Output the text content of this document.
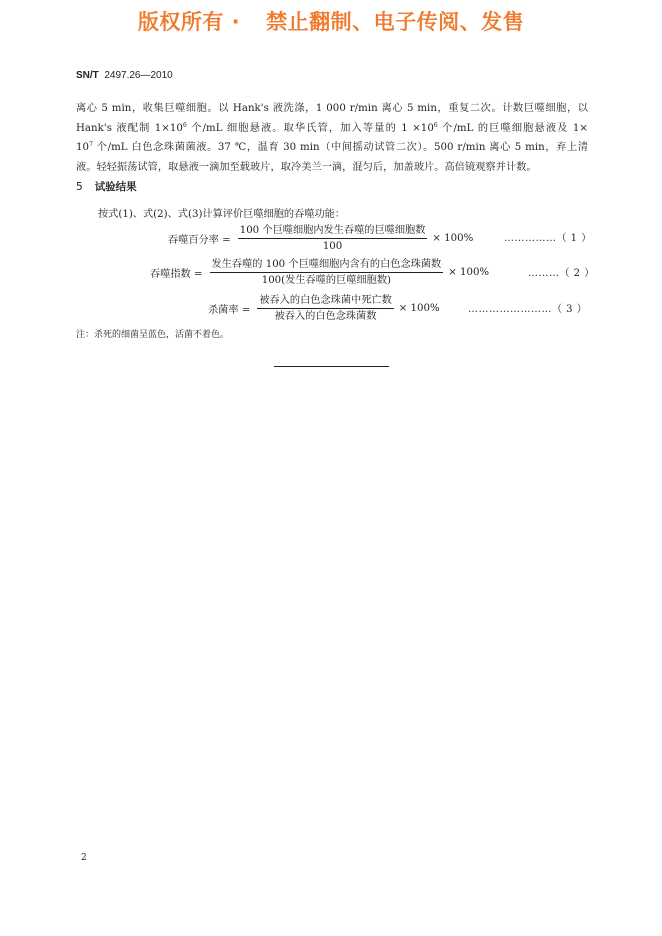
版权所有 · 禁止翻制、电子传阅、发售
SN/T 2497.26—2010
离心 5 min，收集巨噬细胞。以 Hank's 液洗涤，1 000 r/min 离心 5 min，重复二次。计数巨噬细胞，以
Hank's 液配制 $1\times 10^6$ 个/mL 细胞悬液。取华氏管，加入等量的 $1 \times 10^6$ 个/mL 的巨噬细胞悬液及 1×
$10^7$ 个/mL 白色念珠菌菌液。37 ℃，温育 30 min（中间摇动试管二次）。500 r/min 离心 5 min，弃上清
液。轻轻振荡试管，取悬液一滴加至载玻片，取冷美兰一滴，混匀后，加盖玻片。高倍镜观察并计数。
5 试验结果
按式(1)、式(2)、式(3)计算评价巨噬细胞的吞噬功能：
吞噬百分率 = $\frac{\text{100 个巨噬细胞内发生吞噬的巨噬细胞数}}{100} \times 100\%$	……………（ 1 ）
吞噬指数 = $\frac{\text{发生吞噬的 100 个巨噬细胞内含有的白色念珠菌数}}{\text{100(发生吞噬的巨噬细胞数)}} \times 100\%$	………（ 2 ）
杀菌率 = $\frac{\text{被吞入的白色念珠菌中死亡数}}{\text{被吞入的白色念珠菌数}} \times 100\%$	……………………（ 3 ）
注：杀死的细菌呈蓝色，活菌不着色。
2
